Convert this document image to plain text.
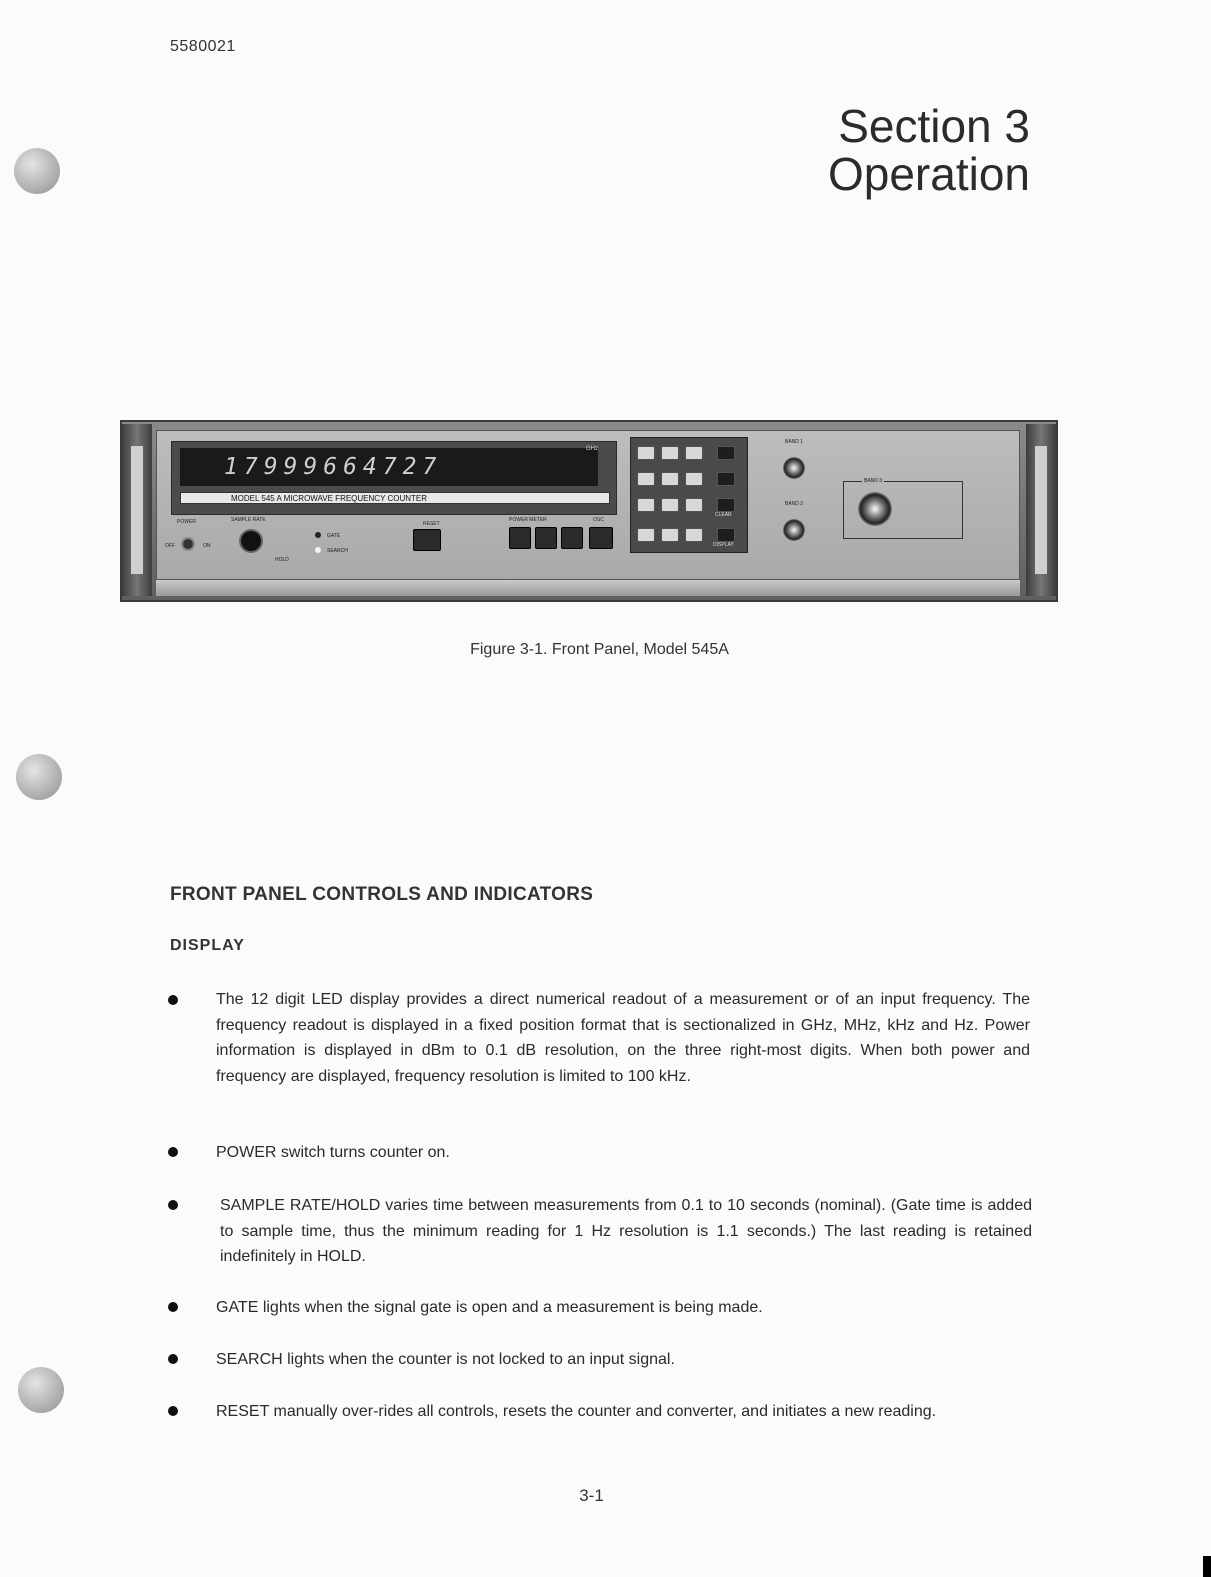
5580021
Section 3
Operation
17999664727
GHz
MODEL 545 A MICROWAVE FREQUENCY COUNTER
POWER
OFF	ON
SAMPLE RATE
HOLD
GATE
SEARCH
RESET
POWER METER	OSC
CLEAR
DISPLAY
BAND 1
BAND 2
BAND 3
Figure 3-1. Front Panel, Model 545A
FRONT PANEL CONTROLS AND INDICATORS
DISPLAY
The 12 digit LED display provides a direct numerical readout of a measurement or of an input frequency. The frequency readout is displayed in a fixed position format that is sectionalized in GHz, MHz, kHz and Hz. Power information is displayed in dBm to 0.1 dB resolution, on the three right-most digits. When both power and frequency are displayed, frequency resolution is limited to 100 kHz.
POWER switch turns counter on.
SAMPLE RATE/HOLD varies time between measurements from 0.1 to 10 seconds (nominal). (Gate time is added to sample time, thus the minimum reading for 1 Hz resolution is 1.1 seconds.) The last reading is retained indefinitely in HOLD.
GATE lights when the signal gate is open and a measurement is being made.
SEARCH lights when the counter is not locked to an input signal.
RESET manually over-rides all controls, resets the counter and converter, and initiates a new reading.
3-1
